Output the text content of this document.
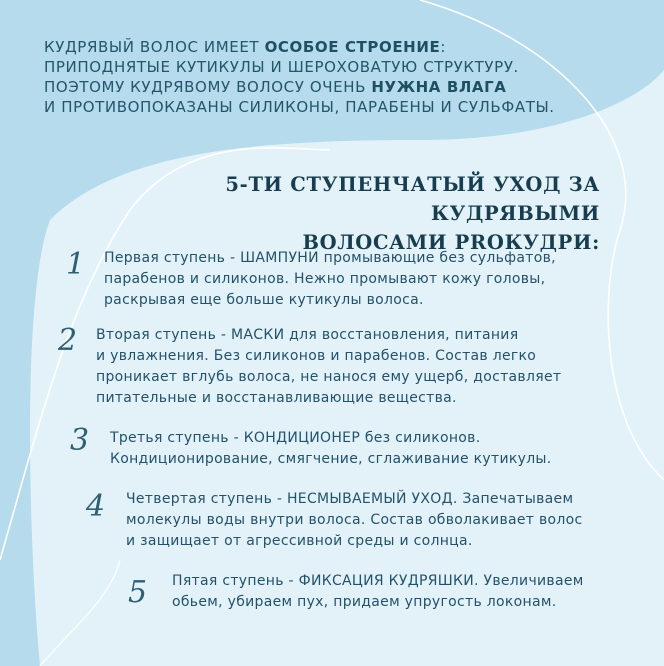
КУДРЯВЫЙ ВОЛОС ИМЕЕТ ОСОБОЕ СТРОЕНИЕ:
ПРИПОДНЯТЫЕ КУТИКУЛЫ И ШЕРОХОВАТУЮ СТРУКТУРУ.
ПОЭТОМУ КУДРЯВОМУ ВОЛОСУ ОЧЕНЬ НУЖНА ВЛАГА
И ПРОТИВОПОКАЗАНЫ СИЛИКОНЫ, ПАРАБЕНЫ И СУЛЬФАТЫ.
5-ТИ СТУПЕНЧАТЫЙ УХОД ЗА КУДРЯВЫМИ
ВОЛОСАМИ PROКУДРИ:
1 Первая ступень - ШАМПУНИ промывающие без сульфатов,
парабенов и силиконов. Нежно промывают кожу головы,
раскрывая еще больше кутикулы волоса.
2 Вторая ступень - МАСКИ для восстановления, питания
и увлажнения. Без силиконов и парабенов. Состав легко
проникает вглубь волоса, не нанося ему ущерб, доставляет
питательные и восстанавливающие вещества.
3 Третья ступень - КОНДИЦИОНЕР без силиконов.
Кондиционирование, смягчение, сглаживание кутикулы.
4 Четвертая ступень - НЕСМЫВАЕМЫЙ УХОД. Запечатываем
молекулы воды внутри волоса. Состав обволакивает волос
и защищает от агрессивной среды и солнца.
5 Пятая ступень - ФИКСАЦИЯ КУДРЯШКИ. Увеличиваем
обьем, убираем пух, придаем упругость локонам.
